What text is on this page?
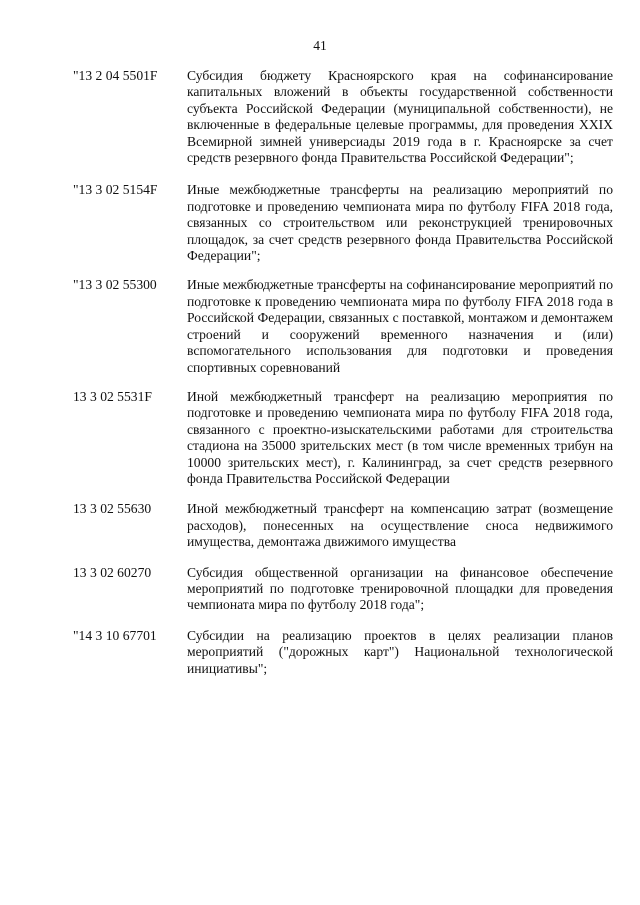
41
"13 2 04 5501F	Субсидия бюджету Красноярского края на софинансирование капитальных вложений в объекты государственной собственности субъекта Российской Федерации (муниципальной собственности), не включенные в федеральные целевые программы, для проведения XXIX Всемирной зимней универсиады 2019 года в г. Красноярске за счет средств резервного фонда Правительства Российской Федерации";
"13 3 02 5154F	Иные межбюджетные трансферты на реализацию мероприятий по подготовке и проведению чемпионата мира по футболу FIFA 2018 года, связанных со строительством или реконструкцией тренировочных площадок, за счет средств резервного фонда Правительства Российской Федерации";
"13 3 02 55300	Иные межбюджетные трансферты на софинансирование мероприятий по подготовке к проведению чемпионата мира по футболу FIFA 2018 года в Российской Федерации, связанных с поставкой, монтажом и демонтажем строений и сооружений временного назначения и (или) вспомогательного использования для подготовки и проведения спортивных соревнований
13 3 02 5531F	Иной межбюджетный трансферт на реализацию мероприятия по подготовке и проведению чемпионата мира по футболу FIFA 2018 года, связанного с проектно-изыскательскими работами для строительства стадиона на 35000 зрительских мест (в том числе временных трибун на 10000 зрительских мест), г. Калининград, за счет средств резервного фонда Правительства Российской Федерации
13 3 02 55630	Иной межбюджетный трансферт на компенсацию затрат (возмещение расходов), понесенных на осуществление сноса недвижимого имущества, демонтажа движимого имущества
13 3 02 60270	Субсидия общественной организации на финансовое обеспечение мероприятий по подготовке тренировочной площадки для проведения чемпионата мира по футболу 2018 года";
"14 3 10 67701	Субсидии на реализацию проектов в целях реализации планов мероприятий ("дорожных карт") Национальной технологической инициативы";
